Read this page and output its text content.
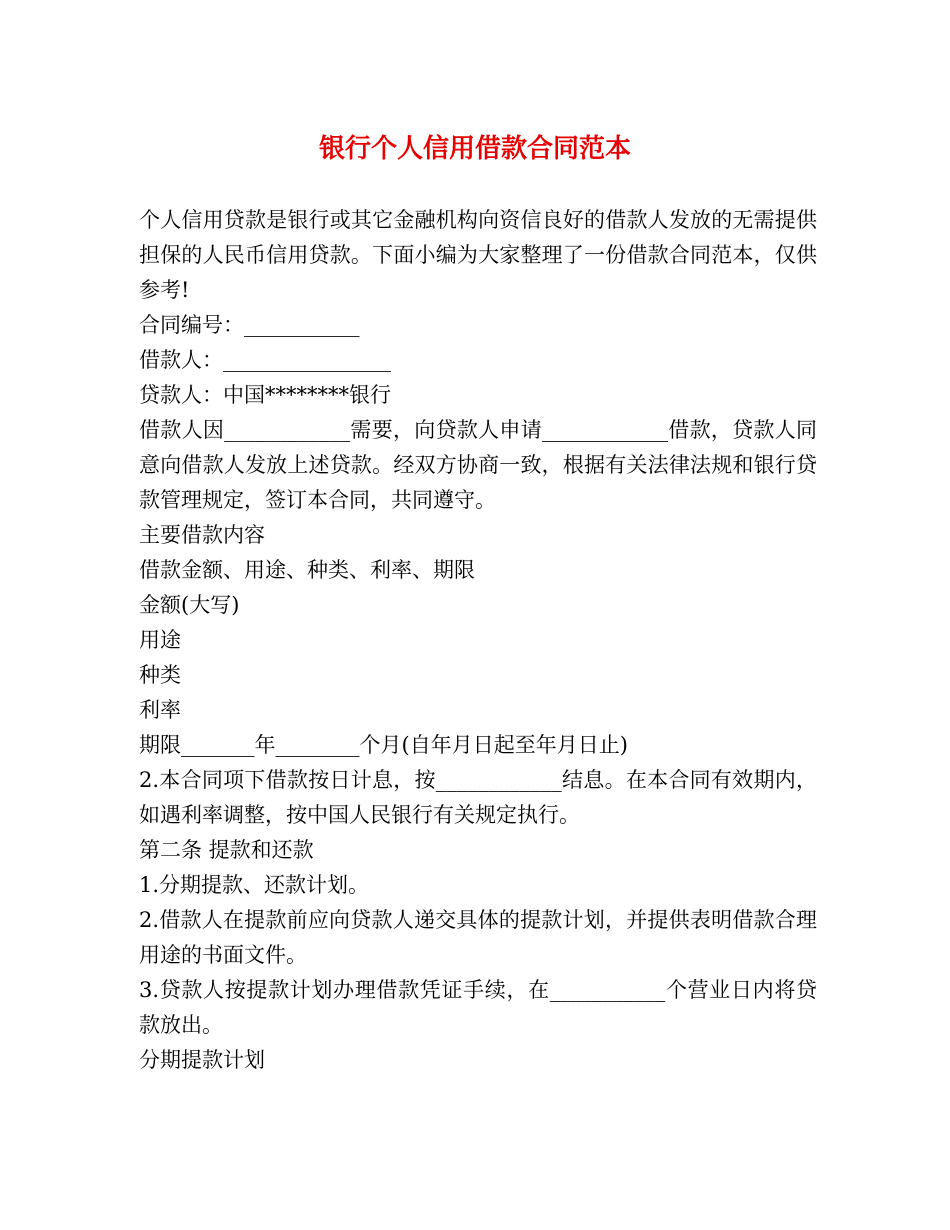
银行个人信用借款合同范本

个人信用贷款是银行或其它金融机构向资信良好的借款人发放的无需提供担保的人民币信用贷款。下面小编为大家整理了一份借款合同范本，仅供参考!

合同编号：___________

借款人：________________

贷款人：中国********银行

借款人因____________需要，向贷款人申请____________借款，贷款人同意向借款人发放上述贷款。经双方协商一致，根据有关法律法规和银行贷款管理规定，签订本合同，共同遵守。

主要借款内容

借款金额、用途、种类、利率、期限

金额(大写)

用途

种类

利率

期限_______年________个月(自年月日起至年月日止)

2.本合同项下借款按日计息，按____________结息。在本合同有效期内，如遇利率调整，按中国人民银行有关规定执行。

第二条 提款和还款

1.分期提款、还款计划。

2.借款人在提款前应向贷款人递交具体的提款计划，并提供表明借款合理用途的书面文件。

3.贷款人按提款计划办理借款凭证手续，在___________个营业日内将贷款放出。

分期提款计划
